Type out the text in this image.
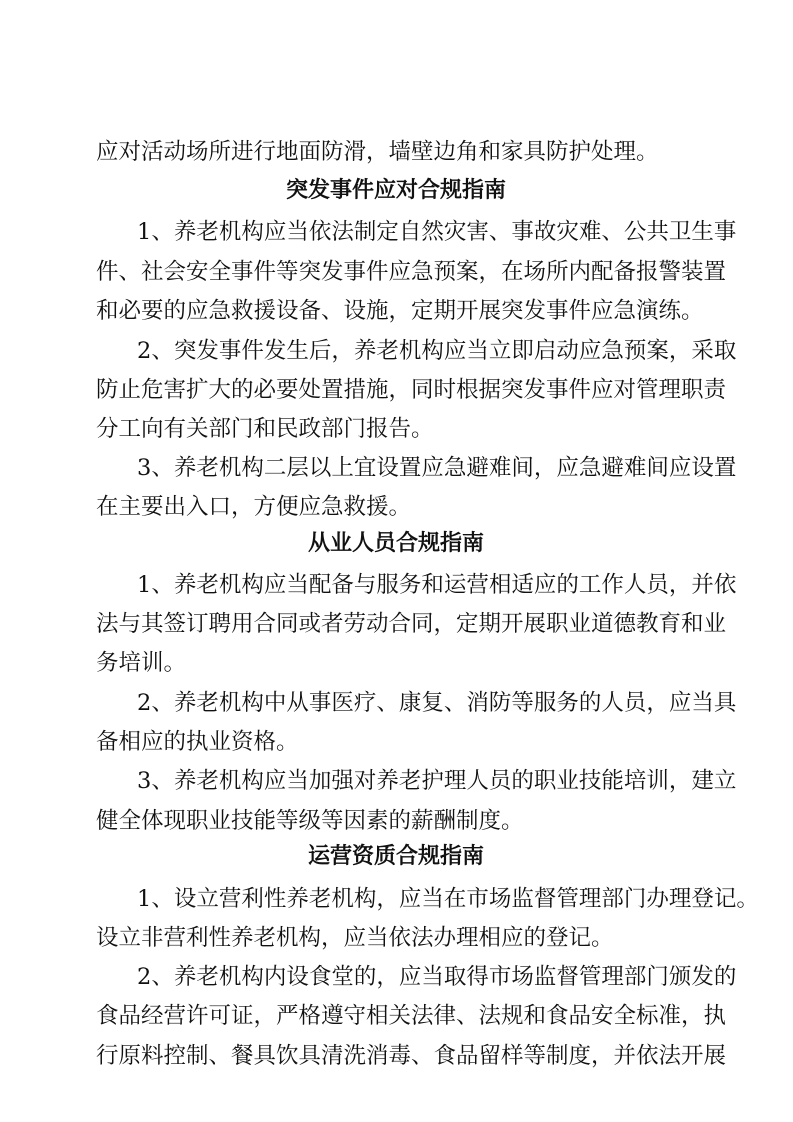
应对活动场所进行地面防滑，墙壁边角和家具防护处理。
突发事件应对合规指南
1、养老机构应当依法制定自然灾害、事故灾难、公共卫生事
件、社会安全事件等突发事件应急预案，在场所内配备报警装置
和必要的应急救援设备、设施，定期开展突发事件应急演练。
2、突发事件发生后，养老机构应当立即启动应急预案，采取
防止危害扩大的必要处置措施，同时根据突发事件应对管理职责
分工向有关部门和民政部门报告。
3、养老机构二层以上宜设置应急避难间，应急避难间应设置
在主要出入口，方便应急救援。
从业人员合规指南
1、养老机构应当配备与服务和运营相适应的工作人员，并依
法与其签订聘用合同或者劳动合同，定期开展职业道德教育和业
务培训。
2、养老机构中从事医疗、康复、消防等服务的人员，应当具
备相应的执业资格。
3、养老机构应当加强对养老护理人员的职业技能培训，建立
健全体现职业技能等级等因素的薪酬制度。
运营资质合规指南
1、设立营利性养老机构，应当在市场监督管理部门办理登记。
设立非营利性养老机构，应当依法办理相应的登记。
2、养老机构内设食堂的，应当取得市场监督管理部门颁发的
食品经营许可证，严格遵守相关法律、法规和食品安全标准，执
行原料控制、餐具饮具清洗消毒、食品留样等制度，并依法开展
